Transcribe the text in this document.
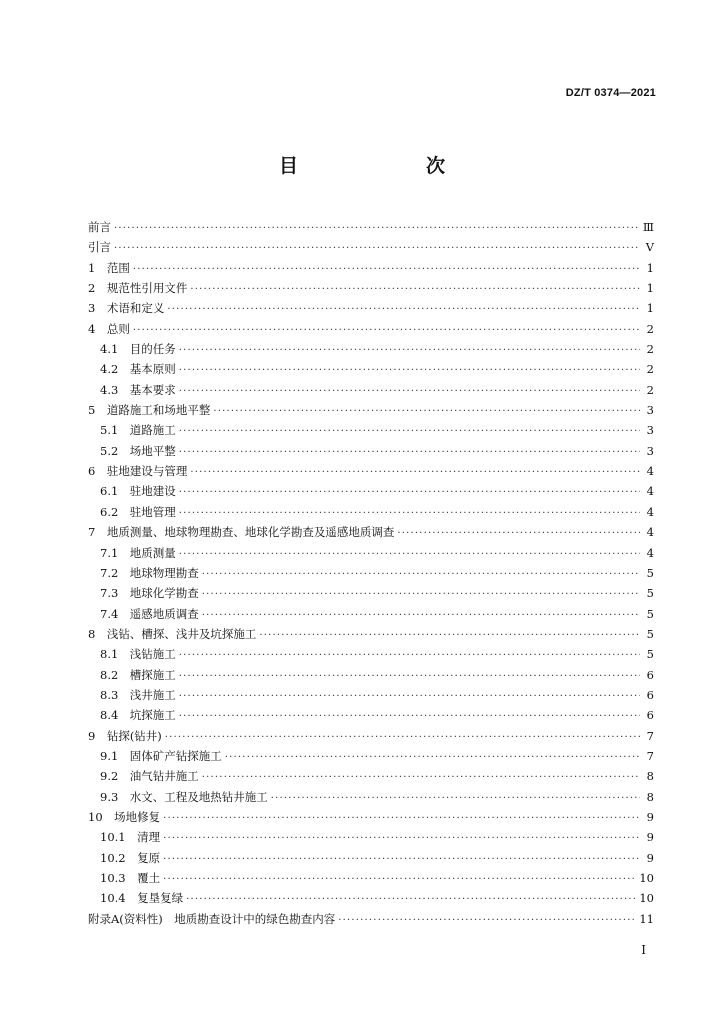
DZ/T 0374—2021
目　　次
前言 ·····	Ⅲ
引言 ·····	Ⅴ
1　范围 ·····	1
2　规范性引用文件 ·····	1
3　术语和定义 ·····	1
4　总则 ·····	2
4.1　目的任务 ·····	2
4.2　基本原则 ·····	2
4.3　基本要求 ·····	2
5　道路施工和场地平整 ·····	3
5.1　道路施工 ·····	3
5.2　场地平整 ·····	3
6　驻地建设与管理 ·····	4
6.1　驻地建设 ·····	4
6.2　驻地管理 ·····	4
7　地质测量、地球物理勘查、地球化学勘查及遥感地质调查 ·····	4
7.1　地质测量 ·····	4
7.2　地球物理勘查 ·····	5
7.3　地球化学勘查 ·····	5
7.4　遥感地质调查 ·····	5
8　浅钻、槽探、浅井及坑探施工 ·····	5
8.1　浅钻施工 ·····	5
8.2　槽探施工 ·····	6
8.3　浅井施工 ·····	6
8.4　坑探施工 ·····	6
9　钻探(钻井) ·····	7
9.1　固体矿产钻探施工 ·····	7
9.2　油气钻井施工 ·····	8
9.3　水文、工程及地热钻井施工 ·····	8
10　场地修复 ·····	9
10.1　清理 ·····	9
10.2　复原 ·····	9
10.3　覆土 ·····	10
10.4　复垦复绿 ·····	10
附录A(资料性)　地质勘查设计中的绿色勘查内容 ·····	11
Ⅰ
